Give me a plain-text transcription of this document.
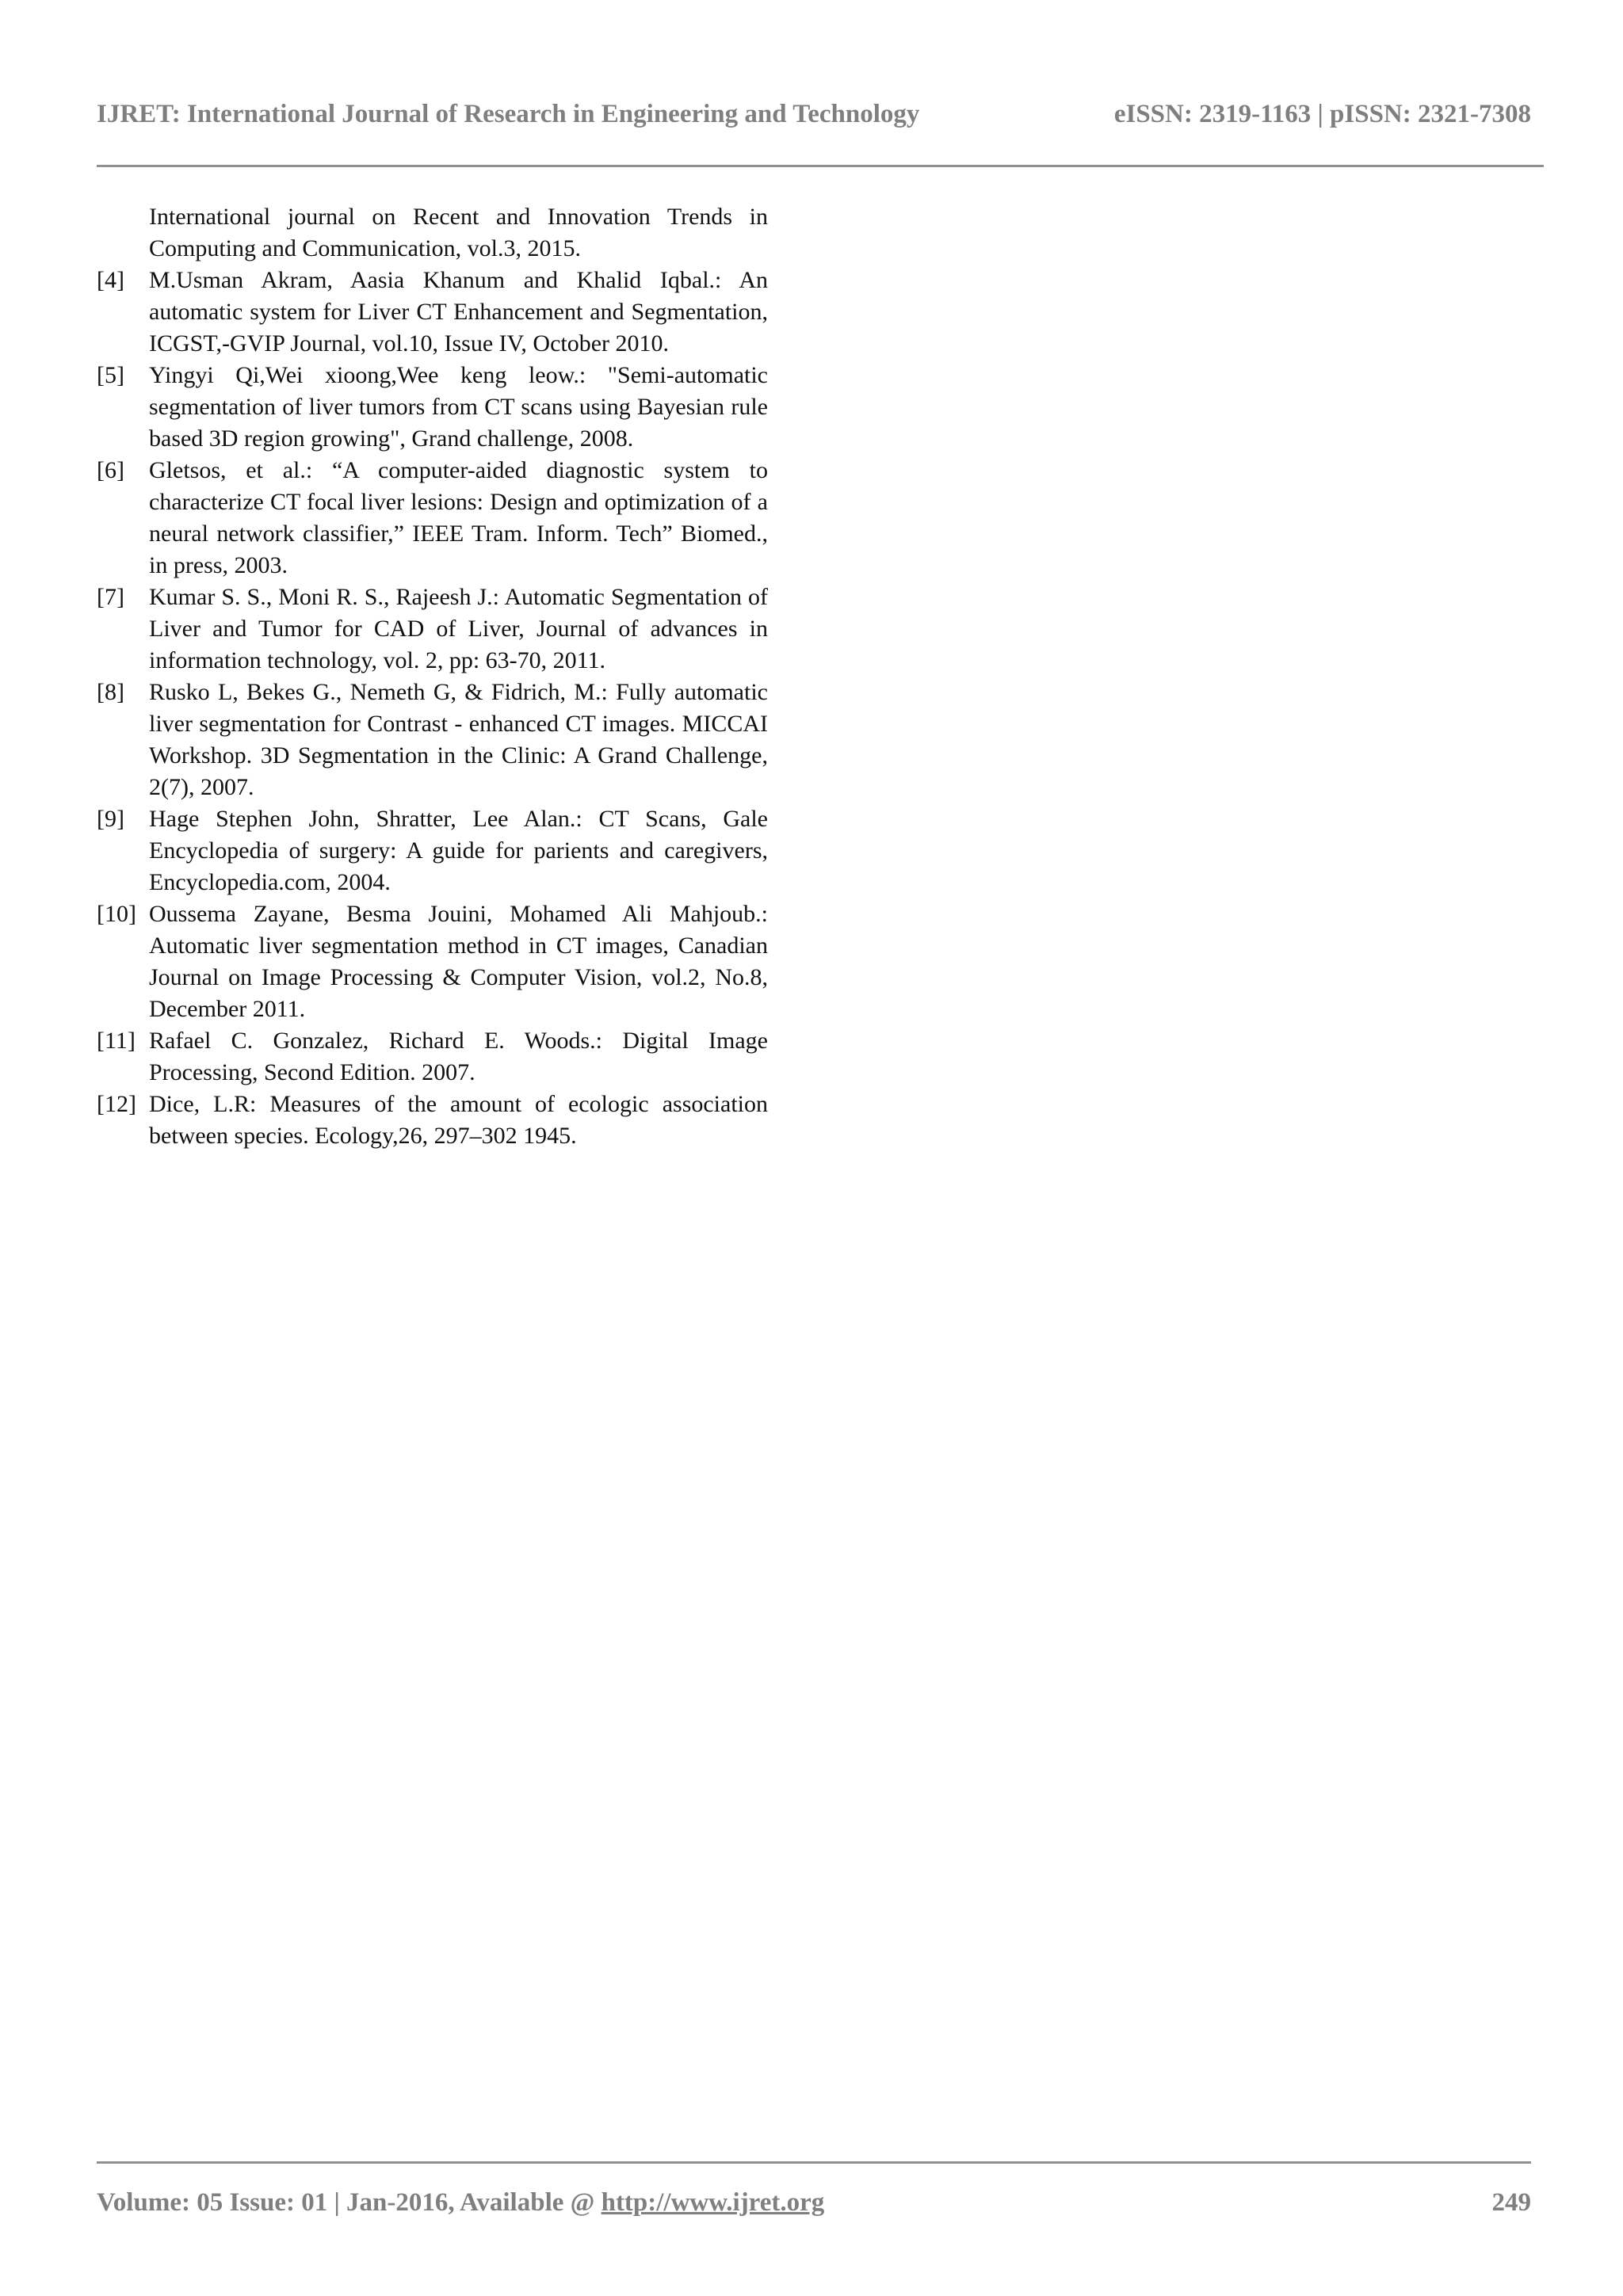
IJRET: International Journal of Research in Engineering and Technology	eISSN: 2319-1163 | pISSN: 2321-7308
International journal on Recent and Innovation Trends in Computing and Communication, vol.3, 2015.
[4]	M.Usman Akram, Aasia Khanum and Khalid Iqbal.: An automatic system for Liver CT Enhancement and Segmentation, ICGST,-GVIP Journal, vol.10, Issue IV, October 2010.
[5]	Yingyi Qi,Wei xioong,Wee keng leow.: "Semi-automatic segmentation of liver tumors from CT scans using Bayesian rule based 3D region growing", Grand challenge, 2008.
[6]	Gletsos, et al.: “A computer-aided diagnostic system to characterize CT focal liver lesions: Design and optimization of a neural network classifier,” IEEE Tram. Inform. Tech” Biomed., in press, 2003.
[7]	Kumar S. S., Moni R. S., Rajeesh J.: Automatic Segmentation of Liver and Tumor for CAD of Liver, Journal of advances in information technology, vol. 2, pp: 63-70, 2011.
[8]	Rusko L, Bekes G., Nemeth G, & Fidrich, M.: Fully automatic liver segmentation for Contrast - enhanced CT images. MICCAI Workshop. 3D Segmentation in the Clinic: A Grand Challenge, 2(7), 2007.
[9]	Hage Stephen John, Shratter, Lee Alan.: CT Scans, Gale Encyclopedia of surgery: A guide for parients and caregivers, Encyclopedia.com, 2004.
[10] Oussema Zayane, Besma Jouini, Mohamed Ali Mahjoub.: Automatic liver segmentation method in CT images, Canadian Journal on Image Processing & Computer Vision, vol.2, No.8, December 2011.
[11] Rafael C. Gonzalez, Richard E. Woods.: Digital Image Processing, Second Edition. 2007.
[12] Dice, L.R: Measures of the amount of ecologic association between species. Ecology,26, 297–302 1945.
Volume: 05 Issue: 01 | Jan-2016, Available @ http://www.ijret.org	249
